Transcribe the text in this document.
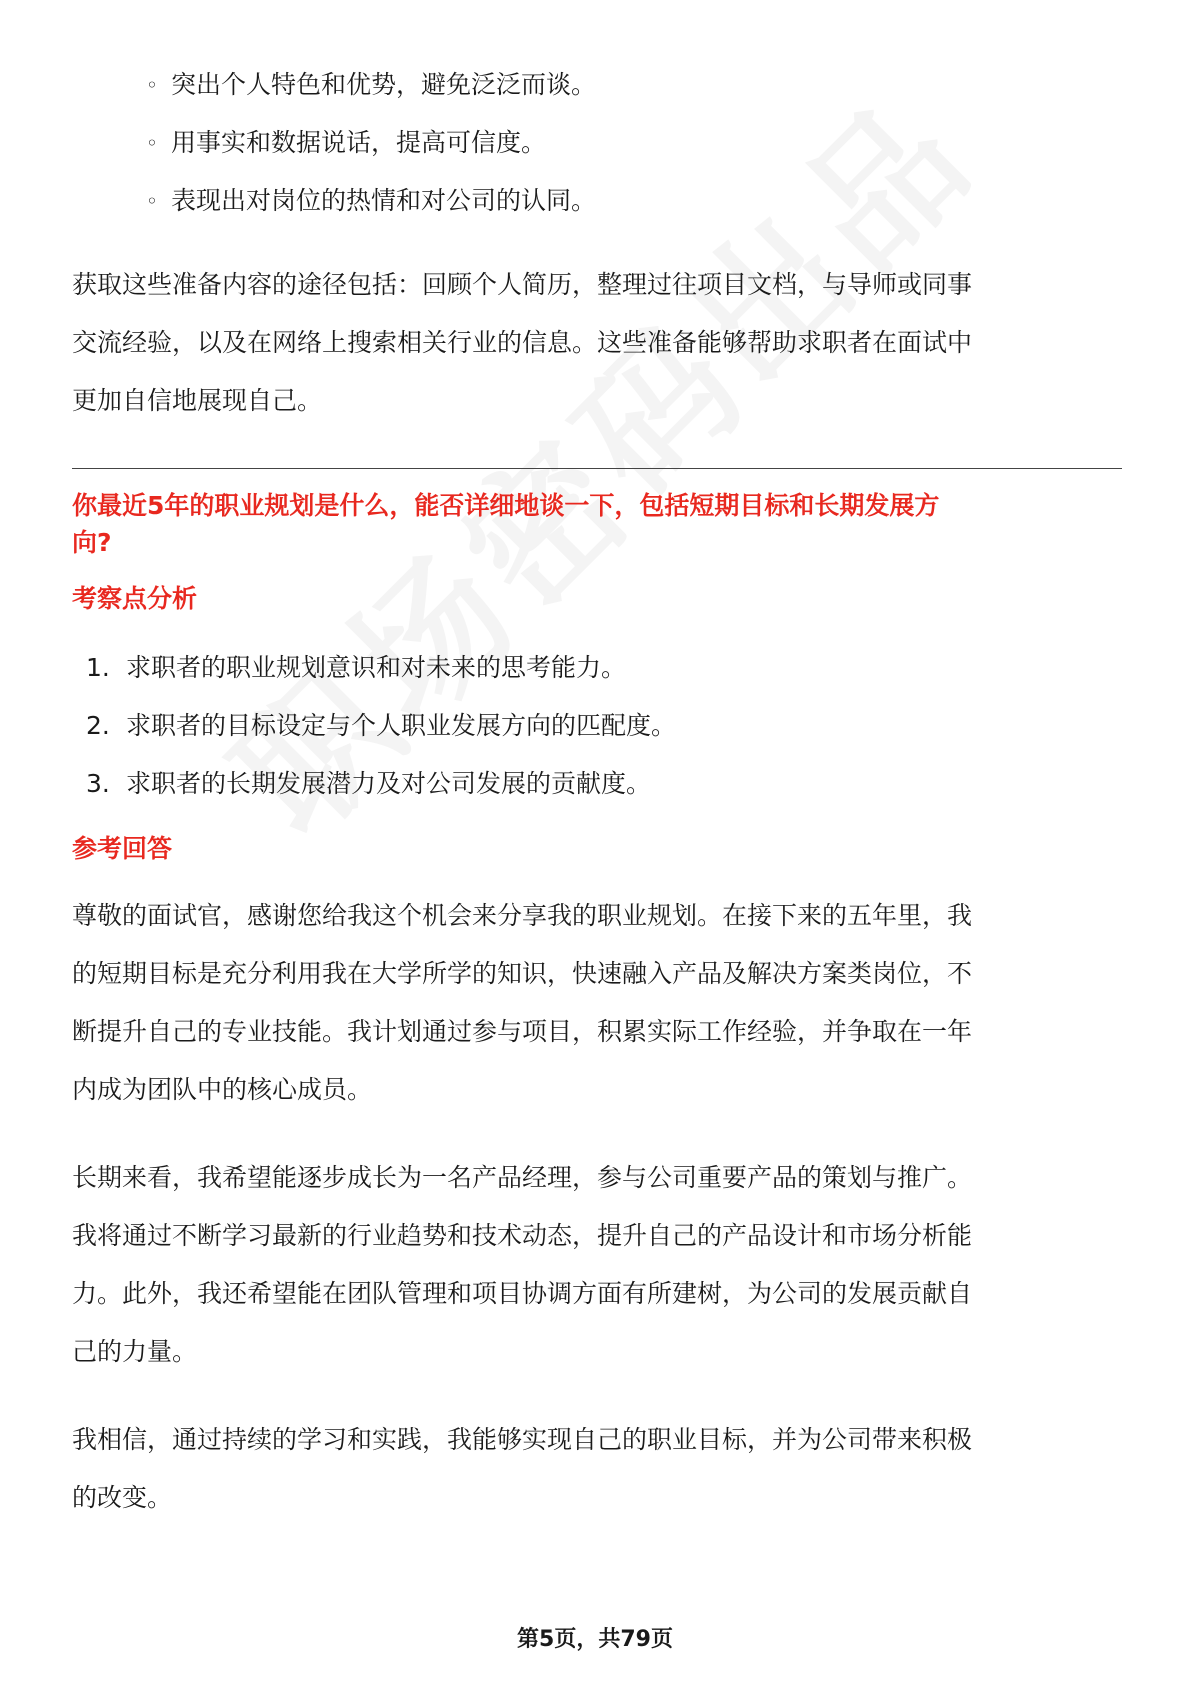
◦ 突出个人特色和优势，避免泛泛而谈。
◦ 用事实和数据说话，提高可信度。
◦ 表现出对岗位的热情和对公司的认同。

获取这些准备内容的途径包括：回顾个人简历，整理过往项目文档，与导师或同事
交流经验，以及在网络上搜索相关行业的信息。这些准备能够帮助求职者在面试中
更加自信地展现自己。

你最近5年的职业规划是什么，能否详细地谈一下，包括短期目标和长期发展方
向?

考察点分析

1. 求职者的职业规划意识和对未来的思考能力。
2. 求职者的目标设定与个人职业发展方向的匹配度。
3. 求职者的长期发展潜力及对公司发展的贡献度。

参考回答

尊敬的面试官，感谢您给我这个机会来分享我的职业规划。在接下来的五年里，我
的短期目标是充分利用我在大学所学的知识，快速融入产品及解决方案类岗位，不
断提升自己的专业技能。我计划通过参与项目，积累实际工作经验，并争取在一年
内成为团队中的核心成员。

长期来看，我希望能逐步成长为一名产品经理，参与公司重要产品的策划与推广。
我将通过不断学习最新的行业趋势和技术动态，提升自己的产品设计和市场分析能
力。此外，我还希望能在团队管理和项目协调方面有所建树，为公司的发展贡献自
己的力量。

我相信，通过持续的学习和实践，我能够实现自己的职业目标，并为公司带来积极
的改变。

第5页，共79页
